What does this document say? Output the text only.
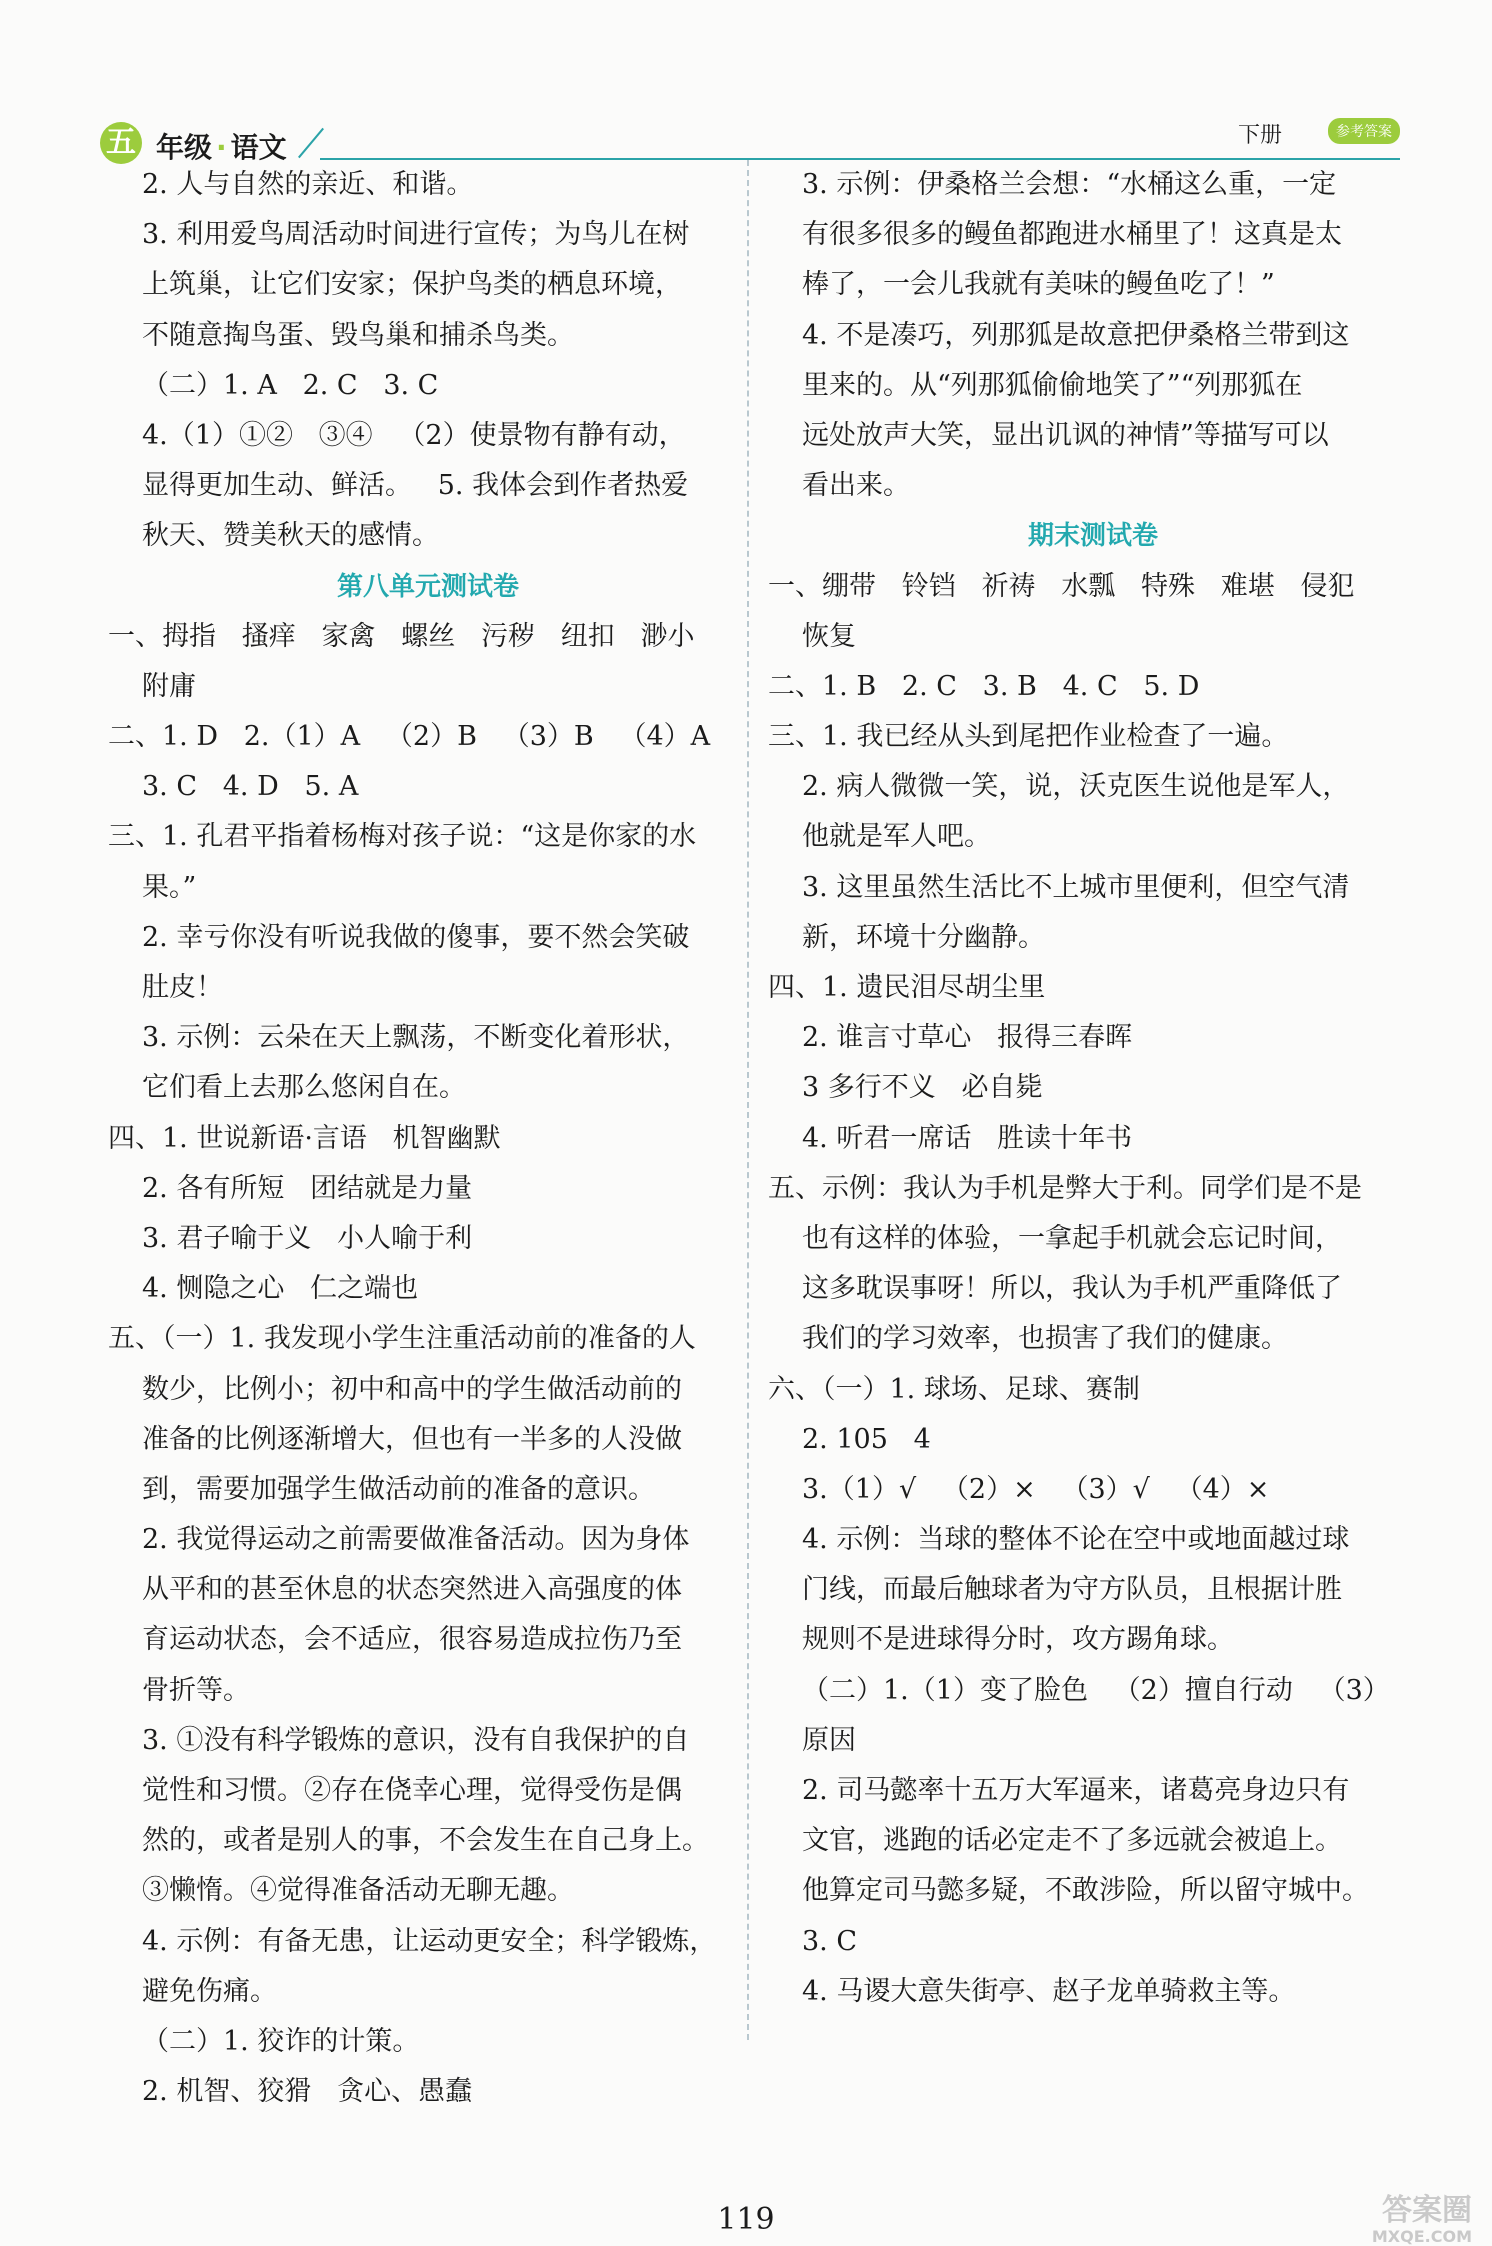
五 年级 · 语文	下册	参考答案
2. 人与自然的亲近、和谐。
3. 利用爱鸟周活动时间进行宣传；为鸟儿在树
上筑巢，让它们安家；保护鸟类的栖息环境，
不随意掏鸟蛋、毁鸟巢和捕杀鸟类。
（二）1. A   2. C   3. C
4.（1）①②   ③④   （2）使景物有静有动，
显得更加生动、鲜活。   5. 我体会到作者热爱
秋天、赞美秋天的感情。
第八单元测试卷
一、拇指   搔痒   家禽   螺丝   污秽   纽扣   渺小
附庸
二、1. D   2.（1）A   （2）B   （3）B   （4）A
3. C   4. D   5. A
三、1. 孔君平指着杨梅对孩子说：“这是你家的水
果。”
2. 幸亏你没有听说我做的傻事，要不然会笑破
肚皮！
3. 示例：云朵在天上飘荡，不断变化着形状，
它们看上去那么悠闲自在。
四、1. 世说新语·言语   机智幽默
2. 各有所短   团结就是力量
3. 君子喻于义   小人喻于利
4. 恻隐之心   仁之端也
五、（一）1. 我发现小学生注重活动前的准备的人
数少，比例小；初中和高中的学生做活动前的
准备的比例逐渐增大，但也有一半多的人没做
到，需要加强学生做活动前的准备的意识。
2. 我觉得运动之前需要做准备活动。因为身体
从平和的甚至休息的状态突然进入高强度的体
育运动状态，会不适应，很容易造成拉伤乃至
骨折等。
3. ①没有科学锻炼的意识，没有自我保护的自
觉性和习惯。②存在侥幸心理，觉得受伤是偶
然的，或者是别人的事，不会发生在自己身上。
③懒惰。④觉得准备活动无聊无趣。
4. 示例：有备无患，让运动更安全；科学锻炼，
避免伤痛。
（二）1. 狡诈的计策。
2. 机智、狡猾   贪心、愚蠢
3. 示例：伊桑格兰会想：“水桶这么重，一定
有很多很多的鳗鱼都跑进水桶里了！这真是太
棒了，一会儿我就有美味的鳗鱼吃了！”
4. 不是凑巧，列那狐是故意把伊桑格兰带到这
里来的。从“列那狐偷偷地笑了”“列那狐在
远处放声大笑，显出讥讽的神情”等描写可以
看出来。
期末测试卷
一、绷带   铃铛   祈祷   水瓢   特殊   难堪   侵犯
恢复
二、1. B   2. C   3. B   4. C   5. D
三、1. 我已经从头到尾把作业检查了一遍。
2. 病人微微一笑，说，沃克医生说他是军人，
他就是军人吧。
3. 这里虽然生活比不上城市里便利，但空气清
新，环境十分幽静。
四、1. 遗民泪尽胡尘里
2. 谁言寸草心   报得三春晖
3 多行不义   必自毙
4. 听君一席话   胜读十年书
五、示例：我认为手机是弊大于利。同学们是不是
也有这样的体验，一拿起手机就会忘记时间，
这多耽误事呀！所以，我认为手机严重降低了
我们的学习效率，也损害了我们的健康。
六、（一）1. 球场、足球、赛制
2. 105   4
3.（1）√   （2）×   （3）√   （4）×
4. 示例：当球的整体不论在空中或地面越过球
门线，而最后触球者为守方队员，且根据计胜
规则不是进球得分时，攻方踢角球。
（二）1.（1）变了脸色   （2）擅自行动   （3）
原因
2. 司马懿率十五万大军逼来，诸葛亮身边只有
文官，逃跑的话必定走不了多远就会被追上。
他算定司马懿多疑，不敢涉险，所以留守城中。
3. C
4. 马谡大意失街亭、赵子龙单骑救主等。
119	答案圈
MXQE.COM
